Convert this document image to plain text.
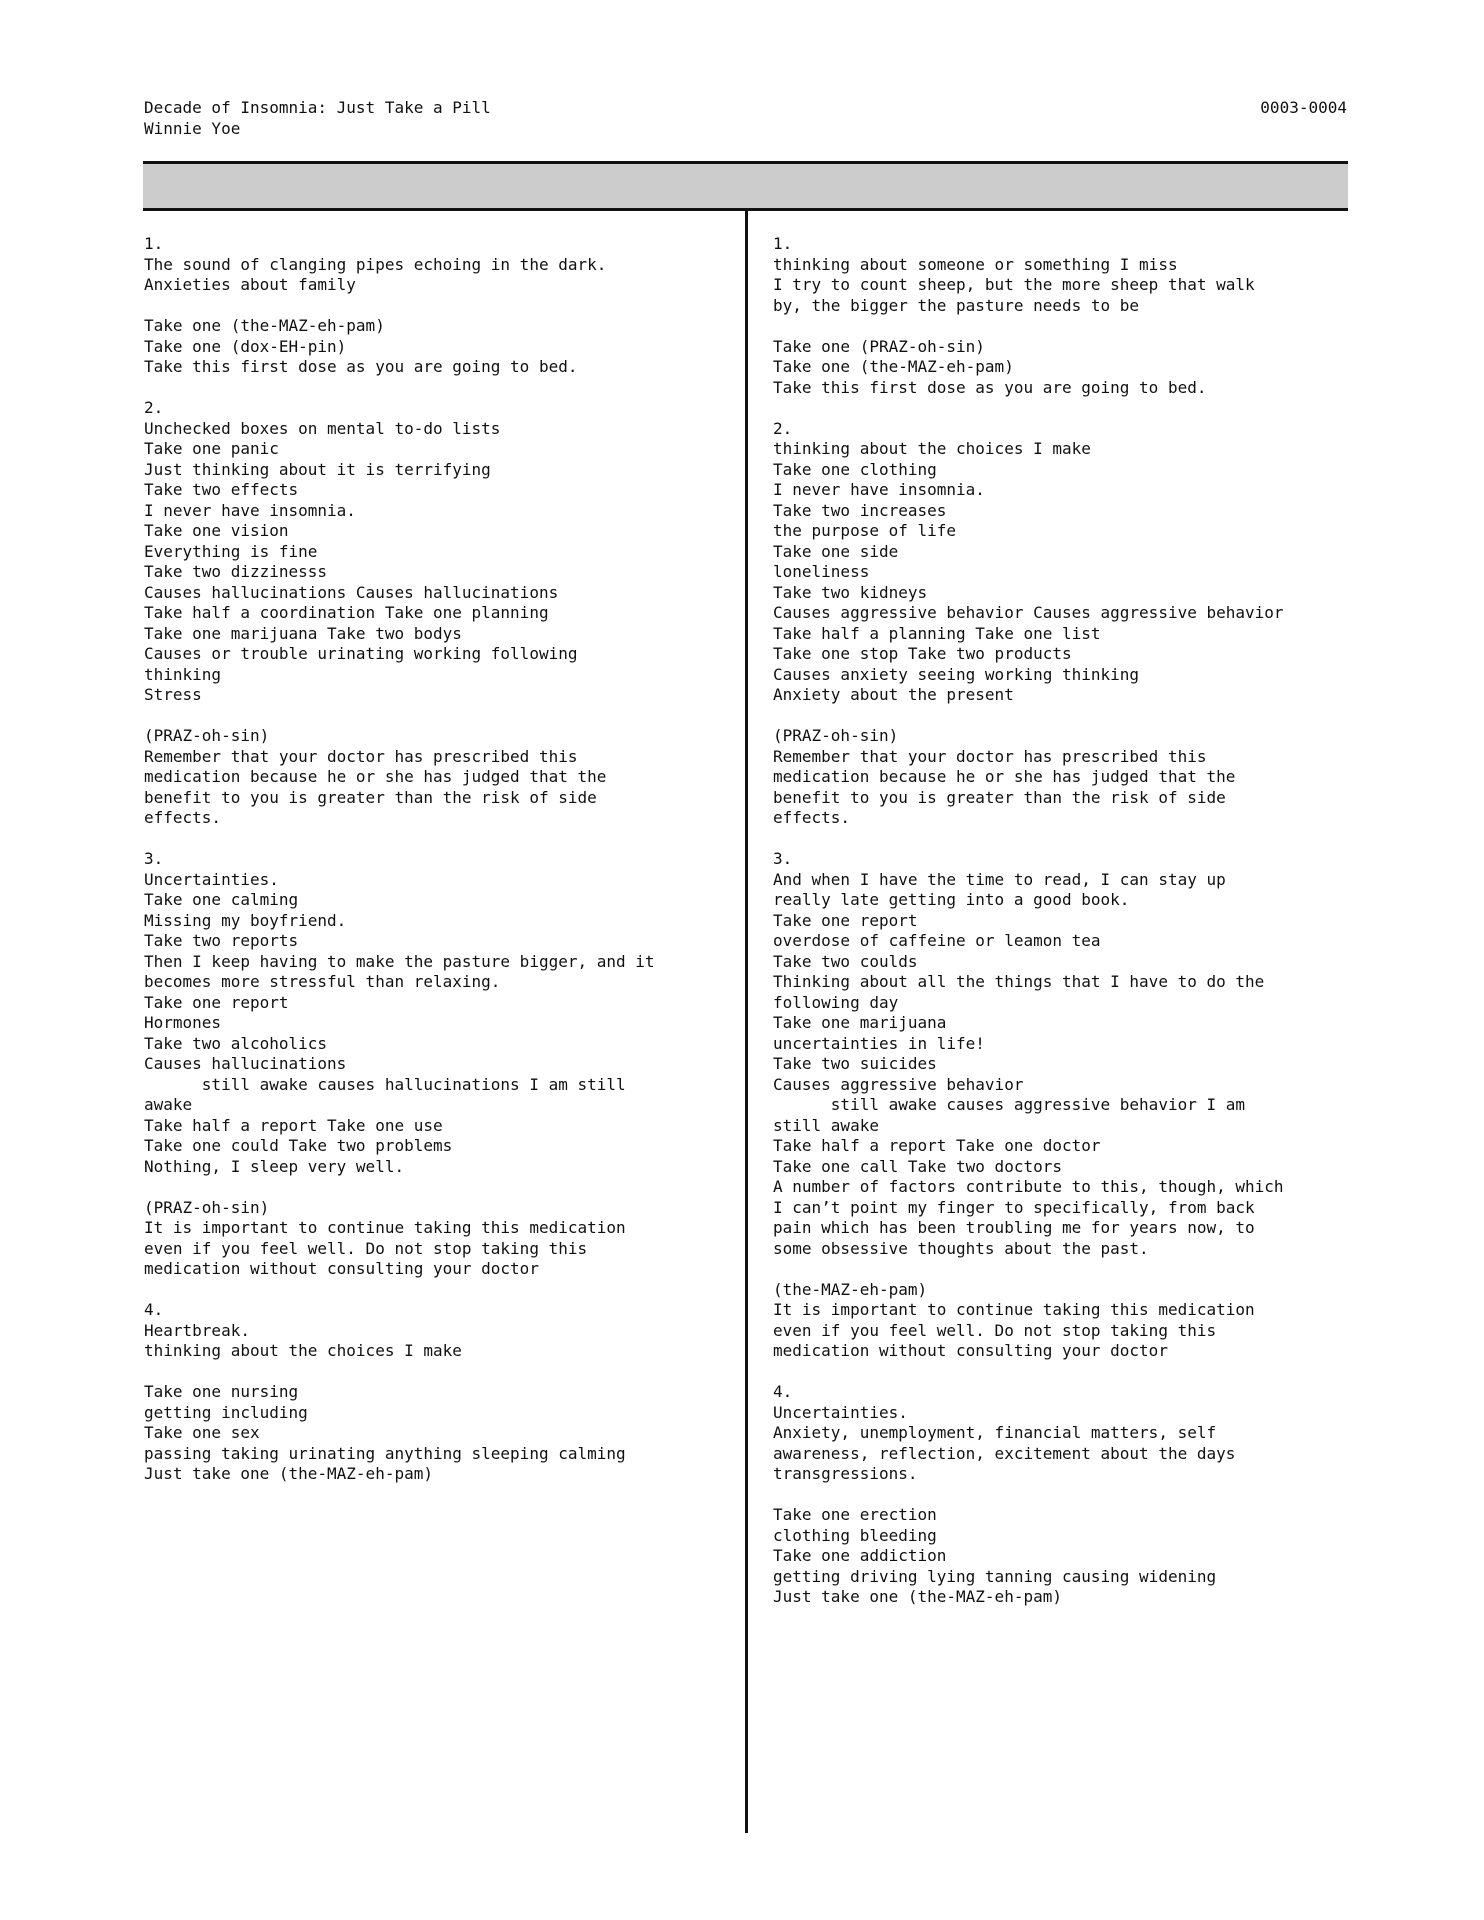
Decade of Insomnia: Just Take a Pill
Winnie Yoe
0003-0004
1.
The sound of clanging pipes echoing in the dark.
Anxieties about family
Take one (the-MAZ-eh-pam)
Take one (dox-EH-pin)
Take this first dose as you are going to bed.
2.
Unchecked boxes on mental to-do lists
Take one panic
Just thinking about it is terrifying
Take two effects
I never have insomnia.
Take one vision
Everything is fine
Take two dizzinesss
Causes hallucinations Causes hallucinations
Take half a coordination Take one planning
Take one marijuana Take two bodys
Causes or trouble urinating working following
thinking
Stress
(PRAZ-oh-sin)
Remember that your doctor has prescribed this
medication because he or she has judged that the
benefit to you is greater than the risk of side
effects.
3.
Uncertainties.
Take one calming
Missing my boyfriend.
Take two reports
Then I keep having to make the pasture bigger, and it
becomes more stressful than relaxing.
Take one report
Hormones
Take two alcoholics
Causes hallucinations
still awake causes hallucinations I am still
awake
Take half a report Take one use
Take one could Take two problems
Nothing, I sleep very well.
(PRAZ-oh-sin)
It is important to continue taking this medication
even if you feel well. Do not stop taking this
medication without consulting your doctor
4.
Heartbreak.
thinking about the choices I make
Take one nursing
getting including
Take one sex
passing taking urinating anything sleeping calming
Just take one (the-MAZ-eh-pam)
1.
thinking about someone or something I miss
I try to count sheep, but the more sheep that walk
by, the bigger the pasture needs to be
Take one (PRAZ-oh-sin)
Take one (the-MAZ-eh-pam)
Take this first dose as you are going to bed.
2.
thinking about the choices I make
Take one clothing
I never have insomnia.
Take two increases
the purpose of life
Take one side
loneliness
Take two kidneys
Causes aggressive behavior Causes aggressive behavior
Take half a planning Take one list
Take one stop Take two products
Causes anxiety seeing working thinking
Anxiety about the present
(PRAZ-oh-sin)
Remember that your doctor has prescribed this
medication because he or she has judged that the
benefit to you is greater than the risk of side
effects.
3.
And when I have the time to read, I can stay up
really late getting into a good book.
Take one report
overdose of caffeine or leamon tea
Take two coulds
Thinking about all the things that I have to do the
following day
Take one marijuana
uncertainties in life!
Take two suicides
Causes aggressive behavior
still awake causes aggressive behavior I am
still awake
Take half a report Take one doctor
Take one call Take two doctors
A number of factors contribute to this, though, which
I can’t point my finger to specifically, from back
pain which has been troubling me for years now, to
some obsessive thoughts about the past.
(the-MAZ-eh-pam)
It is important to continue taking this medication
even if you feel well. Do not stop taking this
medication without consulting your doctor
4.
Uncertainties.
Anxiety, unemployment, financial matters, self
awareness, reflection, excitement about the days
transgressions.
Take one erection
clothing bleeding
Take one addiction
getting driving lying tanning causing widening
Just take one (the-MAZ-eh-pam)
